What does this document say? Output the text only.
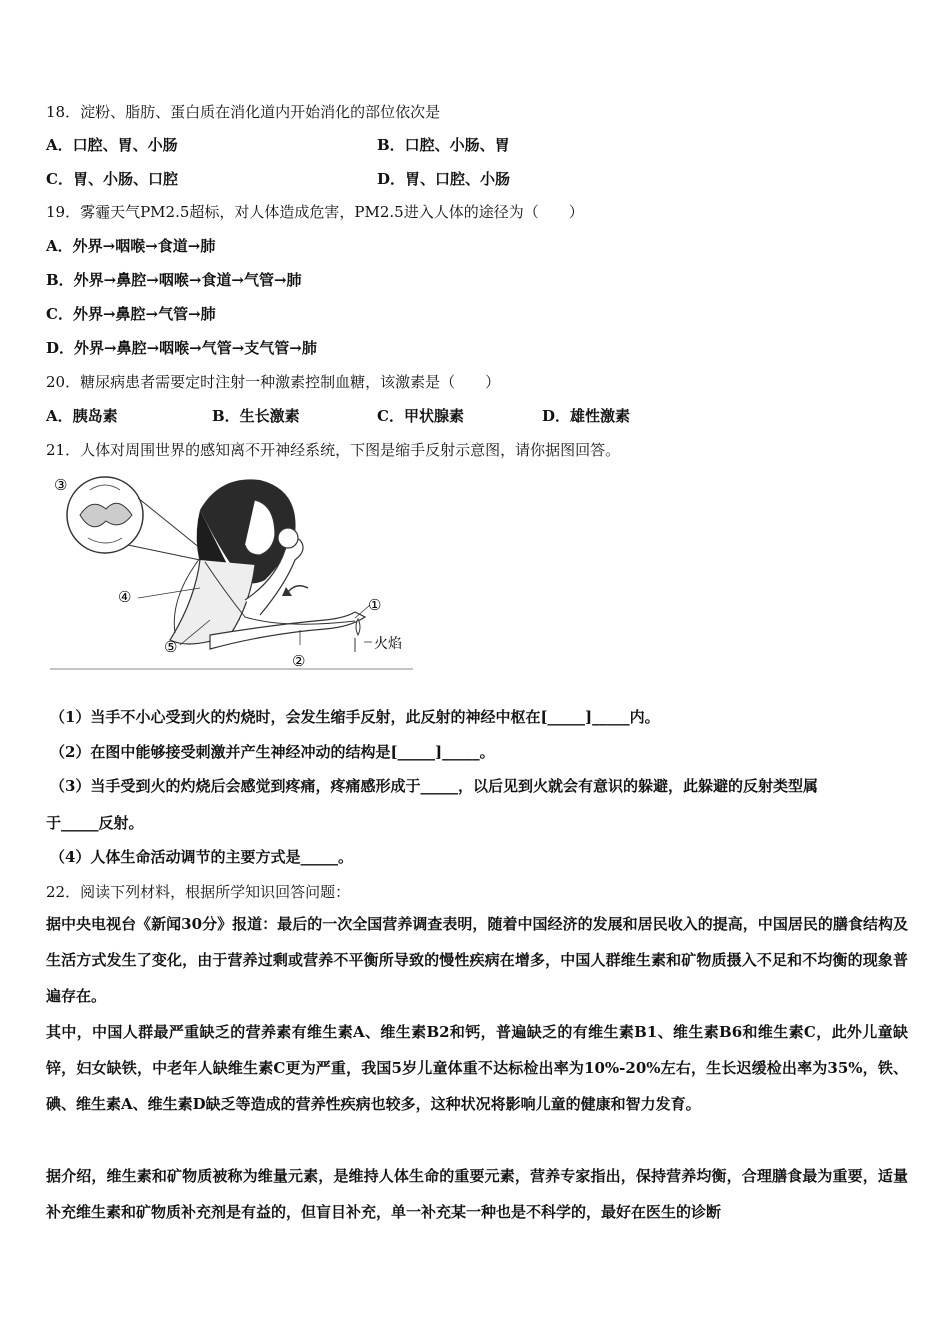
18．淀粉、脂肪、蛋白质在消化道内开始消化的部位依次是
A．口腔、胃、小肠	B．口腔、小肠、胃
C．胃、小肠、口腔	D．胃、口腔、小肠
19．雾霾天气PM2.5超标，对人体造成危害，PM2.5进入人体的途径为（　　）
A．外界→咽喉→食道→肺
B．外界→鼻腔→咽喉→食道→气管→肺
C．外界→鼻腔→气管→肺
D．外界→鼻腔→咽喉→气管→支气管→肺
20．糖尿病患者需要定时注射一种激素控制血糖，该激素是（　　）
A．胰岛素	B．生长激素	C．甲状腺素	D．雄性激素
21．人体对周围世界的感知离不开神经系统，下图是缩手反射示意图，请你据图回答。
③
④
⑤
②
①
火焰
（1）当手不小心受到火的灼烧时，会发生缩手反射，此反射的神经中枢在[_____]_____内。
（2）在图中能够接受刺激并产生神经冲动的结构是[_____]_____。
（3）当手受到火的灼烧后会感觉到疼痛，疼痛感形成于_____，以后见到火就会有意识的躲避，此躲避的反射类型属
于_____反射。
（4）人体生命活动调节的主要方式是_____。
22．阅读下列材料，根据所学知识回答问题：
据中央电视台《新闻30分》报道：最后的一次全国营养调查表明，随着中国经济的发展和居民收入的提高，中国居民的膳食结构及生活方式发生了变化，由于营养过剩或营养不平衡所导致的慢性疾病在增多，中国人群维生素和矿物质摄入不足和不均衡的现象普遍存在。
其中，中国人群最严重缺乏的营养素有维生素A、维生素B2和钙，普遍缺乏的有维生素B1、维生素B6和维生素C，此外儿童缺锌，妇女缺铁，中老年人缺维生素C更为严重，我国5岁儿童体重不达标检出率为10%-20%左右，生长迟缓检出率为35%，铁、碘、维生素A、维生素D缺乏等造成的营养性疾病也较多，这种状况将影响儿童的健康和智力发育。
据介绍，维生素和矿物质被称为维量元素，是维持人体生命的重要元素，营养专家指出，保持营养均衡，合理膳食最为重要，适量补充维生素和矿物质补充剂是有益的，但盲目补充，单一补充某一种也是不科学的，最好在医生的诊断
